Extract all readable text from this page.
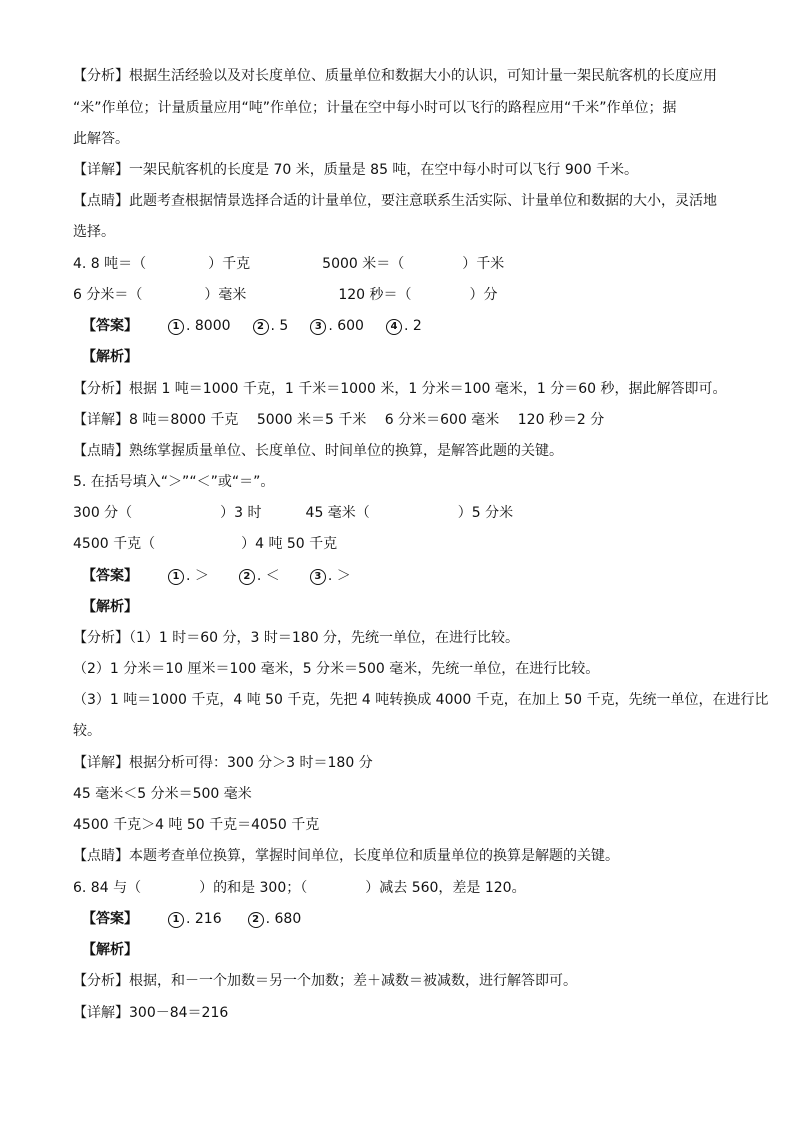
【分析】根据生活经验以及对长度单位、质量单位和数据大小的认识，可知计量一架民航客机的长度应用
“米”作单位；计量质量应用“吨”作单位；计量在空中每小时可以飞行的路程应用“千米”作单位；据
此解答。
【详解】一架民航客机的长度是 70 米，质量是 85 吨，在空中每小时可以飞行 900 千米。
【点睛】此题考查根据情景选择合适的计量单位，要注意联系生活实际、计量单位和数据的大小，灵活地
选择。
4. 8 吨＝（	）千克	5000 米＝（	）千米
6 分米＝（	）毫米	120 秒＝（	）分
【答案】	1 . 8000	2 . 5	3 . 600	4 . 2
【解析】
【分析】根据 1 吨＝1000 千克，1 千米＝1000 米，1 分米＝100 毫米，1 分＝60 秒，据此解答即可。
【详解】8 吨＝8000 千克　 5000 米＝5 千米　 6 分米＝600 毫米　 120 秒＝2 分
【点睛】熟练掌握质量单位、长度单位、时间单位的换算，是解答此题的关键。
5. 在括号填入“＞”“＜”或“＝”。
300 分（	）3 时	45 毫米（	）5 分米
4500 千克（	）4 吨 50 千克
【答案】	1 . ＞	2 . ＜	3 . ＞
【解析】
【分析】（1）1 时＝60 分，3 时＝180 分，先统一单位，在进行比较。
（2）1 分米＝10 厘米＝100 毫米，5 分米＝500 毫米，先统一单位，在进行比较。
（3）1 吨＝1000 千克，4 吨 50 千克，先把 4 吨转换成 4000 千克，在加上 50 千克，先统一单位，在进行比
较。
【详解】根据分析可得：300 分＞3 时＝180 分
45 毫米＜5 分米＝500 毫米
4500 千克＞4 吨 50 千克＝4050 千克
【点睛】本题考查单位换算，掌握时间单位，长度单位和质量单位的换算是解题的关键。
6. 84 与（	）的和是 300；（	）减去 560，差是 120。
【答案】	1 . 216	2 . 680
【解析】
【分析】根据，和－一个加数＝另一个加数；差＋减数＝被减数，进行解答即可。
【详解】300－84＝216
